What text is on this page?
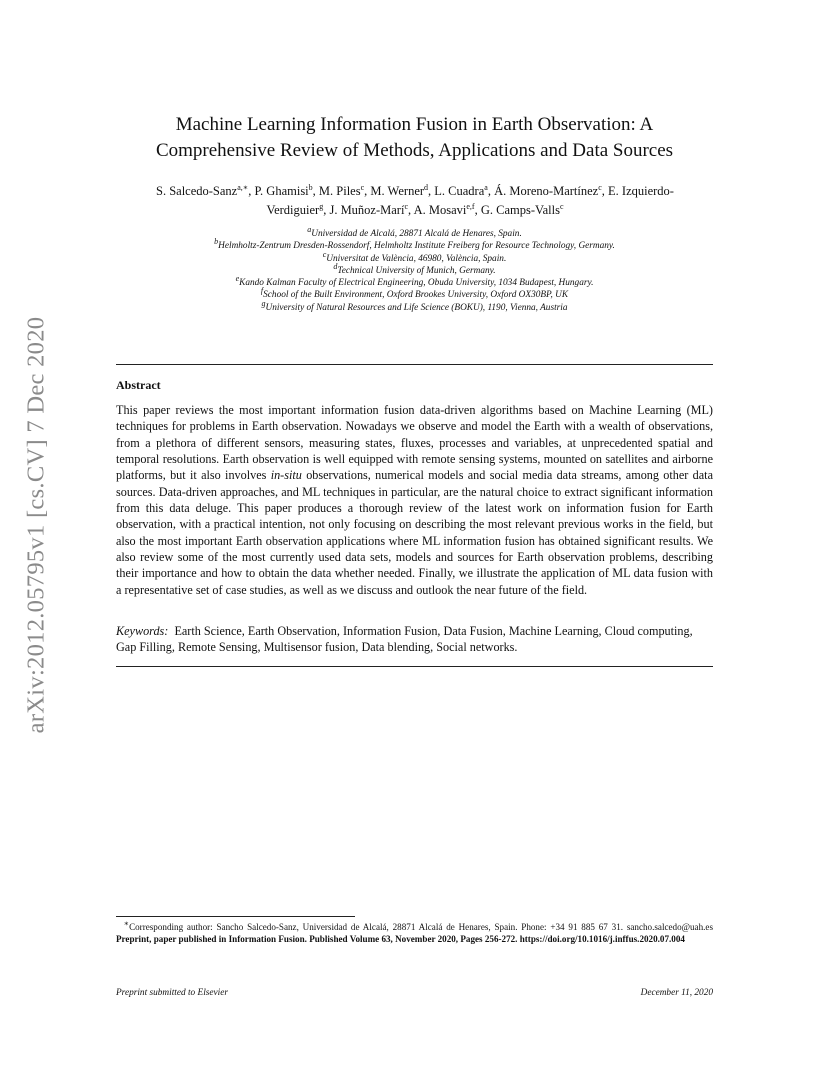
arXiv:2012.05795v1 [cs.CV] 7 Dec 2020
Machine Learning Information Fusion in Earth Observation: A
Comprehensive Review of Methods, Applications and Data Sources
S. Salcedo-Sanz$^{a,∗}$, P. Ghamisi$^b$, M. Piles$^c$, M. Werner$^d$, L. Cuadra$^a$, Á. Moreno-Martínez$^c$, E. Izquierdo-Verdiguier$^g$, J. Muñoz-Marí$^c$, A. Mosavi$^{e,f}$, G. Camps-Valls$^c$
$^a$Universidad de Alcalá, 28871 Alcalá de Henares, Spain.
$^b$Helmholtz-Zentrum Dresden-Rossendorf, Helmholtz Institute Freiberg for Resource Technology, Germany.
$^c$Universitat de València, 46980, València, Spain.
$^d$Technical University of Munich, Germany.
$^e$Kando Kalman Faculty of Electrical Engineering, Obuda University, 1034 Budapest, Hungary.
$^f$School of the Built Environment, Oxford Brookes University, Oxford OX30BP, UK
$^g$University of Natural Resources and Life Science (BOKU), 1190, Vienna, Austria
Abstract
This paper reviews the most important information fusion data-driven algorithms based on Machine Learning (ML) techniques for problems in Earth observation. Nowadays we observe and model the Earth with a wealth of observations, from a plethora of different sensors, measuring states, fluxes, processes and variables, at unprecedented spatial and temporal resolutions. Earth observation is well equipped with remote sensing systems, mounted on satellites and airborne platforms, but it also involves in-situ observations, numerical models and social media data streams, among other data sources. Data-driven approaches, and ML techniques in particular, are the natural choice to extract significant information from this data deluge. This paper produces a thorough review of the latest work on information fusion for Earth observation, with a practical intention, not only focusing on describing the most relevant previous works in the field, but also the most important Earth observation applications where ML information fusion has obtained significant results. We also review some of the most currently used data sets, models and sources for Earth observation problems, describing their importance and how to obtain the data whether needed. Finally, we illustrate the application of ML data fusion with a representative set of case studies, as well as we discuss and outlook the near future of the field.
Keywords: Earth Science, Earth Observation, Information Fusion, Data Fusion, Machine Learning, Cloud computing, Gap Filling, Remote Sensing, Multisensor fusion, Data blending, Social networks.
∗Corresponding author: Sancho Salcedo-Sanz, Universidad de Alcalá, 28871 Alcalá de Henares, Spain. Phone: +34 91 885 67 31. sancho.salcedo@uah.es Preprint, paper published in Information Fusion. Published Volume 63, November 2020, Pages 256-272. https://doi.org/10.1016/j.inffus.2020.07.004
Preprint submitted to Elsevier	December 11, 2020
